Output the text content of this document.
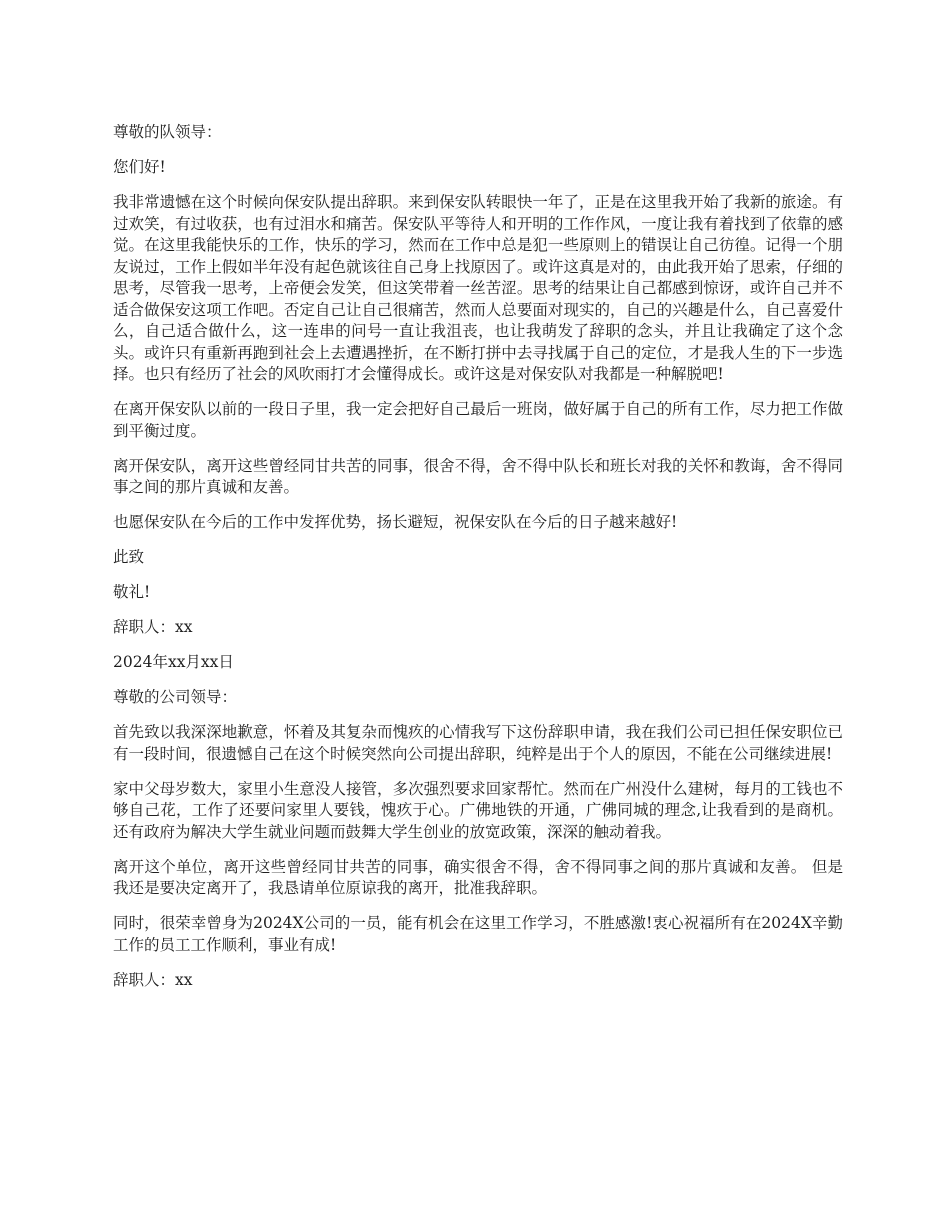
尊敬的队领导：

您们好!

我非常遗憾在这个时候向保安队提出辞职。来到保安队转眼快一年了，正是在这里我开始了我新的旅途。有过欢笑，有过收获，也有过泪水和痛苦。保安队平等待人和开明的工作作风，一度让我有着找到了依靠的感觉。在这里我能快乐的工作，快乐的学习，然而在工作中总是犯一些原则上的错误让自己彷徨。记得一个朋友说过，工作上假如半年没有起色就该往自己身上找原因了。或许这真是对的，由此我开始了思索，仔细的思考，尽管我一思考，上帝便会发笑，但这笑带着一丝苦涩。思考的结果让自己都感到惊讶，或许自己并不适合做保安这项工作吧。否定自己让自己很痛苦，然而人总要面对现实的，自己的兴趣是什么，自己喜爱什么，自己适合做什么，这一连串的问号一直让我沮丧，也让我萌发了辞职的念头，并且让我确定了这个念头。或许只有重新再跑到社会上去遭遇挫折，在不断打拼中去寻找属于自己的定位，才是我人生的下一步选择。也只有经历了社会的风吹雨打才会懂得成长。或许这是对保安队对我都是一种解脱吧!

在离开保安队以前的一段日子里，我一定会把好自己最后一班岗，做好属于自己的所有工作，尽力把工作做到平衡过度。

离开保安队，离开这些曾经同甘共苦的同事，很舍不得，舍不得中队长和班长对我的关怀和教诲，舍不得同事之间的那片真诚和友善。

也愿保安队在今后的工作中发挥优势，扬长避短，祝保安队在今后的日子越来越好!

此致

敬礼!

辞职人：xx

2024年xx月xx日

尊敬的公司领导：

首先致以我深深地歉意，怀着及其复杂而愧疚的心情我写下这份辞职申请，我在我们公司已担任保安职位已有一段时间，很遗憾自己在这个时候突然向公司提出辞职，纯粹是出于个人的原因，不能在公司继续进展!

家中父母岁数大，家里小生意没人接管，多次强烈要求回家帮忙。然而在广州没什么建树，每月的工钱也不够自己花，工作了还要问家里人要钱，愧疚于心。广佛地铁的开通，广佛同城的理念,让我看到的是商机。还有政府为解决大学生就业问题而鼓舞大学生创业的放宽政策，深深的触动着我。

离开这个单位，离开这些曾经同甘共苦的同事，确实很舍不得，舍不得同事之间的那片真诚和友善。 但是我还是要决定离开了，我恳请单位原谅我的离开，批准我辞职。

同时，很荣幸曾身为2024X公司的一员，能有机会在这里工作学习，不胜感激!衷心祝福所有在2024X辛勤工作的员工工作顺利，事业有成!

辞职人：xx
